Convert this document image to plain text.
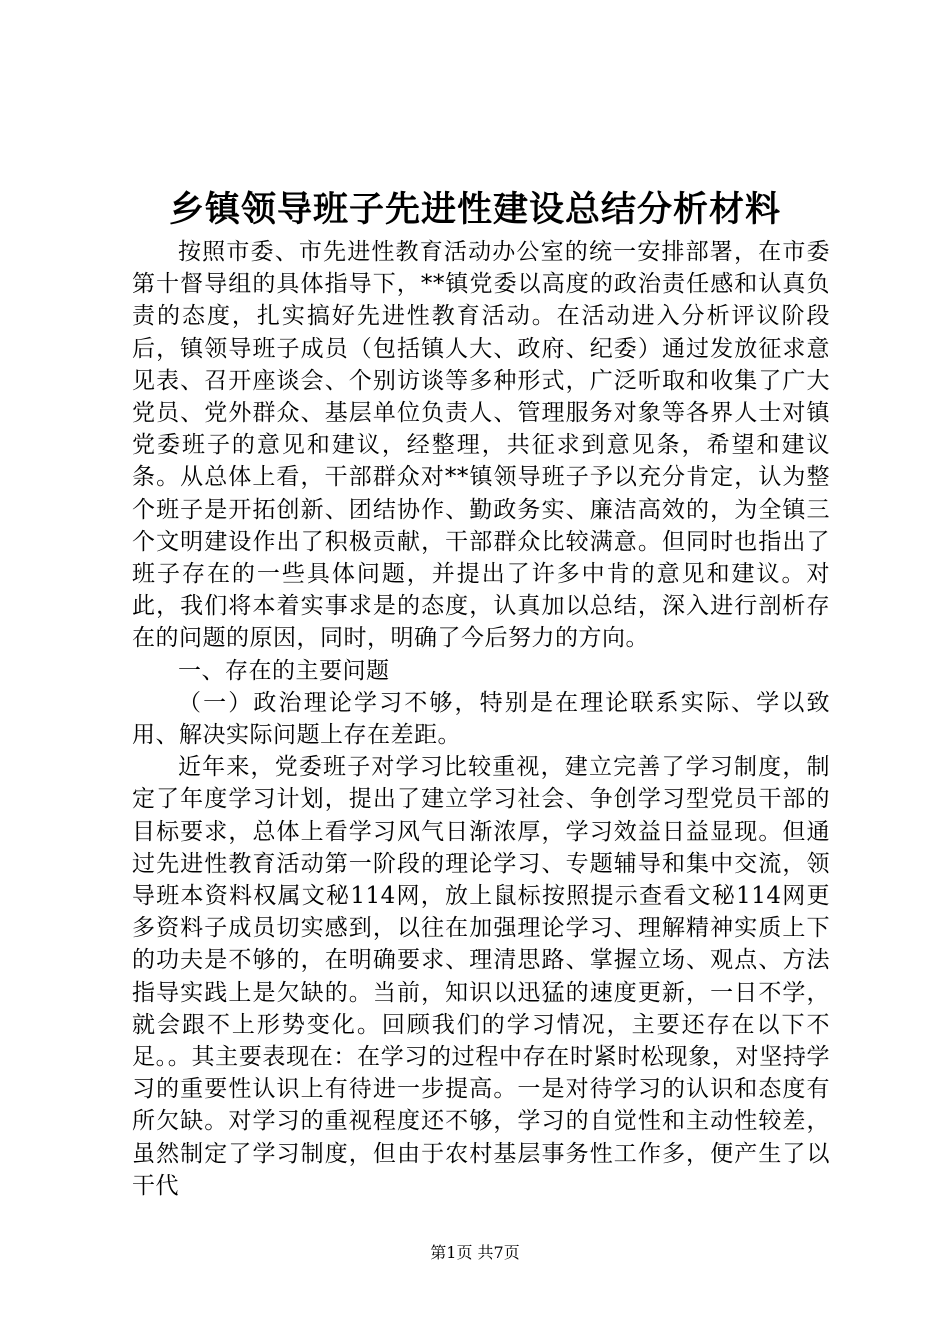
乡镇领导班子先进性建设总结分析材料

按照市委、市先进性教育活动办公室的统一安排部署，在市委第十督导组的具体指导下，**镇党委以高度的政治责任感和认真负责的态度，扎实搞好先进性教育活动。在活动进入分析评议阶段后，镇领导班子成员（包括镇人大、政府、纪委）通过发放征求意见表、召开座谈会、个别访谈等多种形式，广泛听取和收集了广大党员、党外群众、基层单位负责人、管理服务对象等各界人士对镇党委班子的意见和建议，经整理，共征求到意见条，希望和建议条。从总体上看，干部群众对**镇领导班子予以充分肯定，认为整个班子是开拓创新、团结协作、勤政务实、廉洁高效的，为全镇三个文明建设作出了积极贡献，干部群众比较满意。但同时也指出了班子存在的一些具体问题，并提出了许多中肯的意见和建议。对此，我们将本着实事求是的态度，认真加以总结，深入进行剖析存在的问题的原因，同时，明确了今后努力的方向。

一、存在的主要问题

（一）政治理论学习不够，特别是在理论联系实际、学以致用、解决实际问题上存在差距。

近年来，党委班子对学习比较重视，建立完善了学习制度，制定了年度学习计划，提出了建立学习社会、争创学习型党员干部的目标要求，总体上看学习风气日渐浓厚，学习效益日益显现。但通过先进性教育活动第一阶段的理论学习、专题辅导和集中交流，领导班本资料权属文秘114网，放上鼠标按照提示查看文秘114网更多资料子成员切实感到，以往在加强理论学习、理解精神实质上下的功夫是不够的，在明确要求、理清思路、掌握立场、观点、方法指导实践上是欠缺的。当前，知识以迅猛的速度更新，一日不学，就会跟不上形势变化。回顾我们的学习情况，主要还存在以下不足。。其主要表现在：在学习的过程中存在时紧时松现象，对坚持学习的重要性认识上有待进一步提高。一是对待学习的认识和态度有所欠缺。对学习的重视程度还不够，学习的自觉性和主动性较差，虽然制定了学习制度，但由于农村基层事务性工作多，便产生了以干代

第1页 共7页
